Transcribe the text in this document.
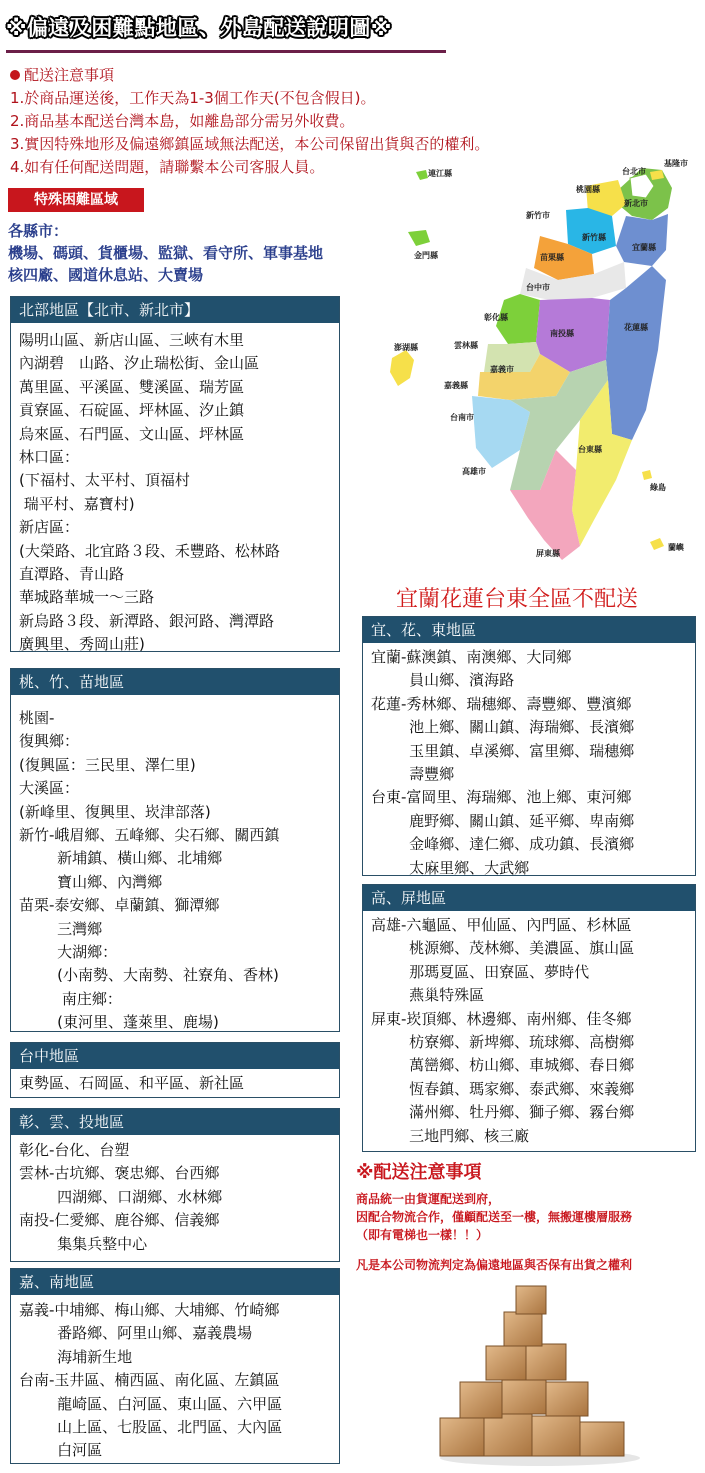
※偏遠及困難點地區、外島配送說明圖※
配送注意事項
1.於商品運送後，工作天為1-3個工作天(不包含假日)。
2.商品基本配送台灣本島，如離島部分需另外收費。
3.實因特殊地形及偏遠鄉鎮區域無法配送，本公司保留出貨與否的權利。
4.如有任何配送問題，請聯繫本公司客服人員。
特殊困難區域
各縣市：
機場、碼頭、貨櫃場、監獄、看守所、軍事基地
核四廠、國道休息站、大賣場
北部地區【北市、新北市】
陽明山區、新店山區、三峽有木里
內湖碧　山路、汐止瑞松街、金山區
萬里區、平溪區、雙溪區、瑞芳區
貢寮區、石碇區、坪林區、汐止鎮
烏來區、石門區、文山區、坪林區
林口區：
(下福村、太平村、頂福村
瑞平村、嘉寶村)
新店區：
(大榮路、北宜路３段、禾豐路、松林路
直潭路、青山路
華城路華城一～三路
新烏路３段、新潭路、銀河路、灣潭路
廣興里、秀岡山莊)
桃、竹、苗地區
桃園-
復興鄉：
(復興區：三民里、澤仁里)
大溪區：
(新峰里、復興里、崁津部落)
新竹-峨眉鄉、五峰鄉、尖石鄉、關西鎮
新埔鎮、橫山鄉、北埔鄉
寶山鄉、內灣鄉
苗栗-泰安鄉、卓蘭鎮、獅潭鄉
三灣鄉
大湖鄉：
(小南勢、大南勢、社寮角、香林)
南庄鄉：
(東河里、蓬萊里、鹿場)
台中地區
東勢區、石岡區、和平區、新社區
彰、雲、投地區
彰化-台化、台塑
雲林-古坑鄉、褒忠鄉、台西鄉
四湖鄉、口湖鄉、水林鄉
南投-仁愛鄉、鹿谷鄉、信義鄉
集集兵整中心
嘉、南地區
嘉義-中埔鄉、梅山鄉、大埔鄉、竹崎鄉
番路鄉、阿里山鄉、嘉義農場
海埔新生地
台南-玉井區、楠西區、南化區、左鎮區
龍崎區、白河區、東山區、六甲區
山上區、七股區、北門區、大內區
白河區
宜蘭花蓮台東全區不配送
宜、花、東地區
宜蘭-蘇澳鎮、南澳鄉、大同鄉
員山鄉、濱海路
花蓮-秀林鄉、瑞穗鄉、壽豐鄉、豐濱鄉
池上鄉、關山鎮、海瑞鄉、長濱鄉
玉里鎮、卓溪鄉、富里鄉、瑞穗鄉
壽豐鄉
台東-富岡里、海瑞鄉、池上鄉、東河鄉
鹿野鄉、關山鎮、延平鄉、卑南鄉
金峰鄉、達仁鄉、成功鎮、長濱鄉
太麻里鄉、大武鄉
高、屏地區
高雄-六龜區、甲仙區、內門區、杉林區
桃源鄉、茂林鄉、美濃區、旗山區
那瑪夏區、田寮區、夢時代
燕巢特殊區
屏東-崁頂鄉、林邊鄉、南州鄉、佳冬鄉
枋寮鄉、新埤鄉、琉球鄉、高樹鄉
萬巒鄉、枋山鄉、車城鄉、春日鄉
恆春鎮、瑪家鄉、泰武鄉、來義鄉
滿州鄉、牡丹鄉、獅子鄉、霧台鄉
三地門鄉、核三廠
※配送注意事項
商品統一由貨運配送到府，
因配合物流合作，僅顧配送至一樓，無搬運樓層服務
（即有電梯也一樣！！）
凡是本公司物流判定為偏遠地區與否保有出貨之權利
基隆市
台北市
新北市
桃園縣
新竹市
新竹縣
宜蘭縣
苗栗縣
台中市
彰化縣
南投縣
花蓮縣
雲林縣
嘉義市
嘉義縣
台南市
台東縣
高雄市
屏東縣
澎湖縣
金門縣
連江縣
蘭嶼
綠島
